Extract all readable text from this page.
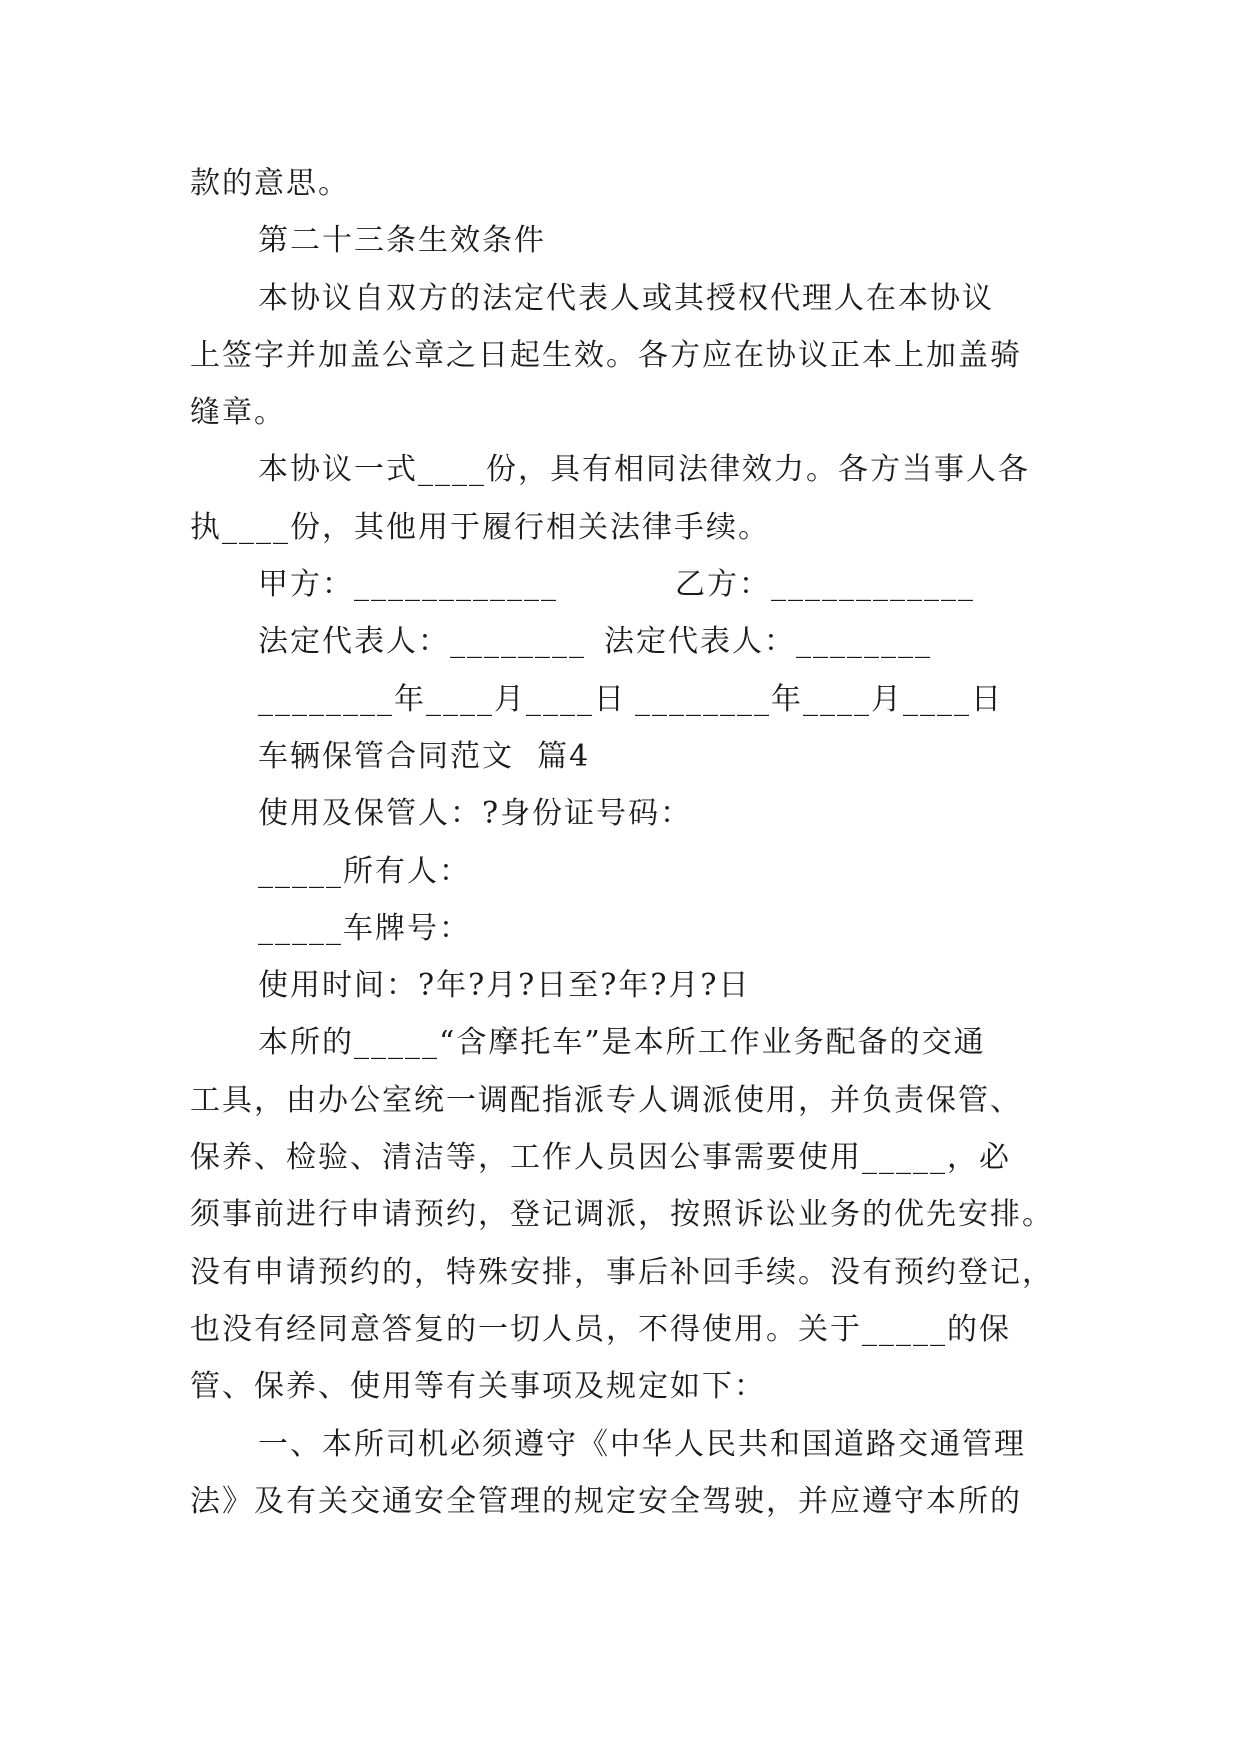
款的意思。
第二十三条生效条件
本协议自双方的法定代表人或其授权代理人在本协议
上签字并加盖公章之日起生效。各方应在协议正本上加盖骑
缝章。
本协议一式____份，具有相同法律效力。各方当事人各
执____份，其他用于履行相关法律手续。

甲方：____________

	乙方：____________

法定代表人：________

法定代表人：________

________年____月____日

________年____月____日

车辆保管合同范文  篇4
使用及保管人：?身份证号码：
_____所有人：
_____车牌号：
使用时间：?年?月?日至?年?月?日
本所的_____“含摩托车”是本所工作业务配备的交通
工具，由办公室统一调配指派专人调派使用，并负责保管、
保养、检验、清洁等，工作人员因公事需要使用_____，必
须事前进行申请预约，登记调派，按照诉讼业务的优先安排。
没有申请预约的，特殊安排，事后补回手续。没有预约登记，
也没有经同意答复的一切人员，不得使用。关于_____的保
管、保养、使用等有关事项及规定如下：
一、本所司机必须遵守《中华人民共和国道路交通管理
法》及有关交通安全管理的规定安全驾驶，并应遵守本所的
